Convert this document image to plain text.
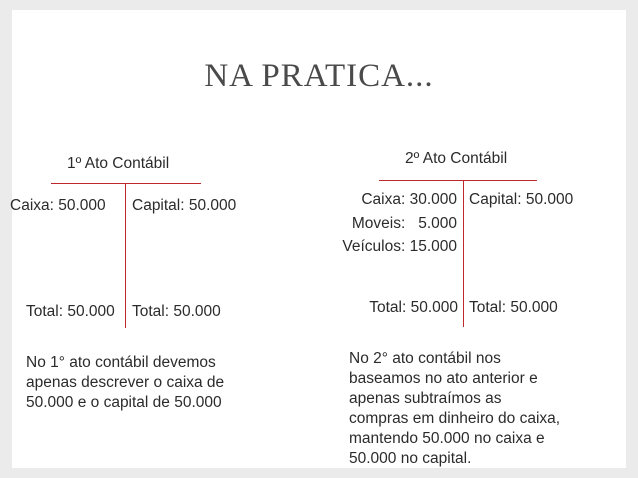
NA PRATICA...
1º Ato Contábil
Caixa: 50.000 Capital: 50.000
Total: 50.000 Total: 50.000
No 1° ato contábil devemos
apenas descrever o caixa de
50.000 e o capital de 50.000
2º Ato Contábil
Caixa: 30.000
Moveis:   5.000
Veículos: 15.000
Capital: 50.000
Total: 50.000 Total: 50.000
No 2° ato contábil nos
baseamos no ato anterior e
apenas subtraímos as
compras em dinheiro do caixa,
mantendo 50.000 no caixa e
50.000 no capital.
